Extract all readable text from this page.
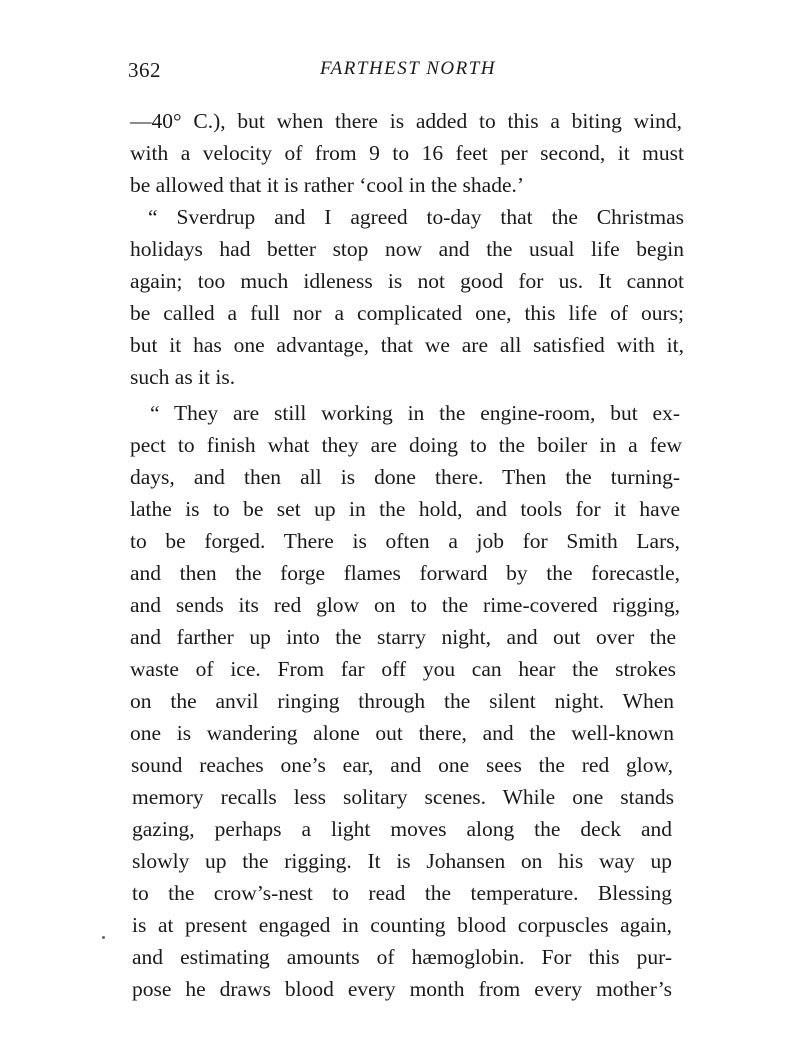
362	FARTHEST NORTH
—40° C.), but when there is added to this a biting wind,
with a velocity of from 9 to 16 feet per second, it must
be allowed that it is rather ‘cool in the shade.’
“ Sverdrup and I agreed to-day that the Christmas
holidays had better stop now and the usual life begin
again; too much idleness is not good for us. It cannot
be called a full nor a complicated one, this life of ours;
but it has one advantage, that we are all satisfied with it,
such as it is.
“ They are still working in the engine-room, but ex-
pect to finish what they are doing to the boiler in a few
days, and then all is done there. Then the turning-
lathe is to be set up in the hold, and tools for it have
to be forged. There is often a job for Smith Lars,
and then the forge flames forward by the forecastle,
and sends its red glow on to the rime-covered rigging,
and farther up into the starry night, and out over the
waste of ice. From far off you can hear the strokes
on the anvil ringing through the silent night. When
one is wandering alone out there, and the well-known
sound reaches one’s ear, and one sees the red glow,
memory recalls less solitary scenes. While one stands
gazing, perhaps a light moves along the deck and
slowly up the rigging. It is Johansen on his way up
to the crow’s-nest to read the temperature. Blessing
is at present engaged in counting blood corpuscles again,
and estimating amounts of hæmoglobin. For this pur-
pose he draws blood every month from every mother’s
